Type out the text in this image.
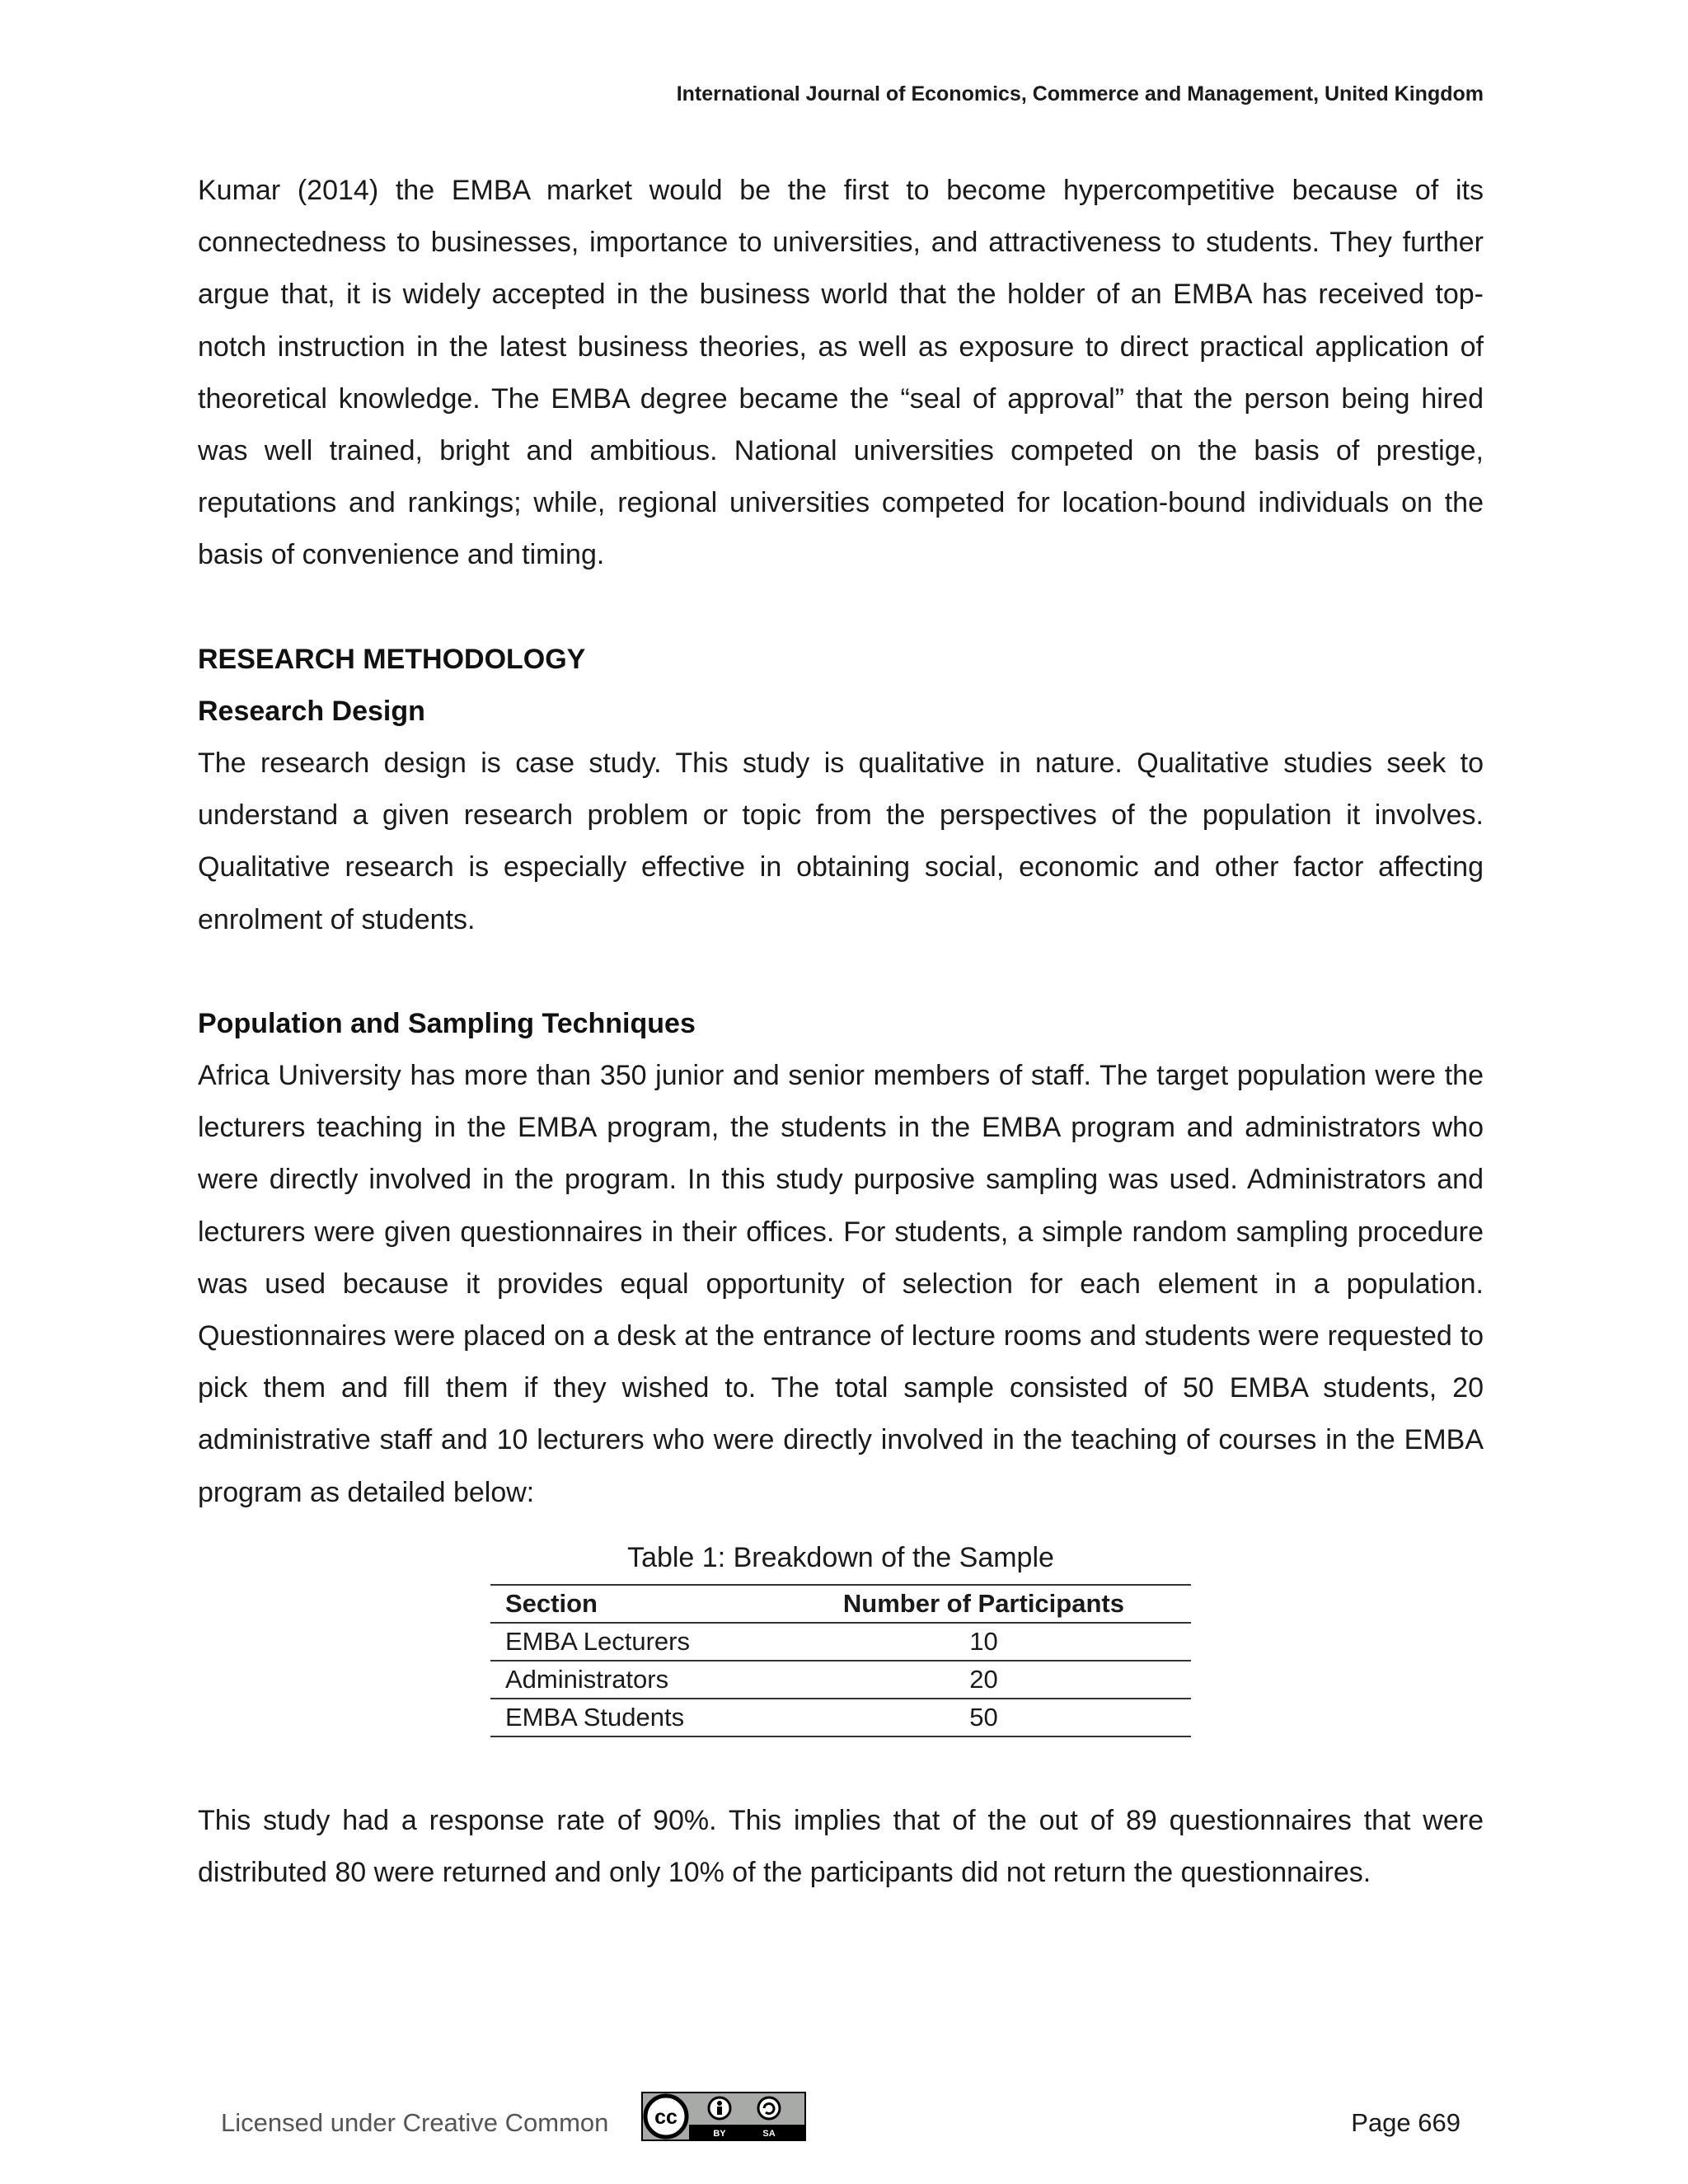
International Journal of Economics, Commerce and Management, United Kingdom

Kumar (2014) the EMBA market would be the first to become hypercompetitive because of its connectedness to businesses, importance to universities, and attractiveness to students. They further argue that, it is widely accepted in the business world that the holder of an EMBA has received top-notch instruction in the latest business theories, as well as exposure to direct practical application of theoretical knowledge. The EMBA degree became the “seal of approval” that the person being hired was well trained, bright and ambitious. National universities competed on the basis of prestige, reputations and rankings; while, regional universities competed for location-bound individuals on the basis of convenience and timing.

RESEARCH METHODOLOGY
Research Design

The research design is case study. This study is qualitative in nature. Qualitative studies seek to understand a given research problem or topic from the perspectives of the population it involves. Qualitative research is especially effective in obtaining social, economic and other factor affecting enrolment of students.

Population and Sampling Techniques

Africa University has more than 350 junior and senior members of staff. The target population were the lecturers teaching in the EMBA program, the students in the EMBA program and administrators who were directly involved in the program. In this study purposive sampling was used. Administrators and lecturers were given questionnaires in their offices. For students, a simple random sampling procedure was used because it provides equal opportunity of selection for each element in a population. Questionnaires were placed on a desk at the entrance of lecture rooms and students were requested to pick them and fill them if they wished to. The total sample consisted of 50 EMBA students, 20 administrative staff and 10 lecturers who were directly involved in the teaching of courses in the EMBA program as detailed below:

Table 1: Breakdown of the Sample
Section	Number of Participants
EMBA Lecturers	10
Administrators	20
EMBA Students	50

This study had a response rate of 90%. This implies that of the out of 89 questionnaires that were distributed 80 were returned and only 10% of the participants did not return the questionnaires.

Licensed under Creative Common cc
BY	SA	Page 669
